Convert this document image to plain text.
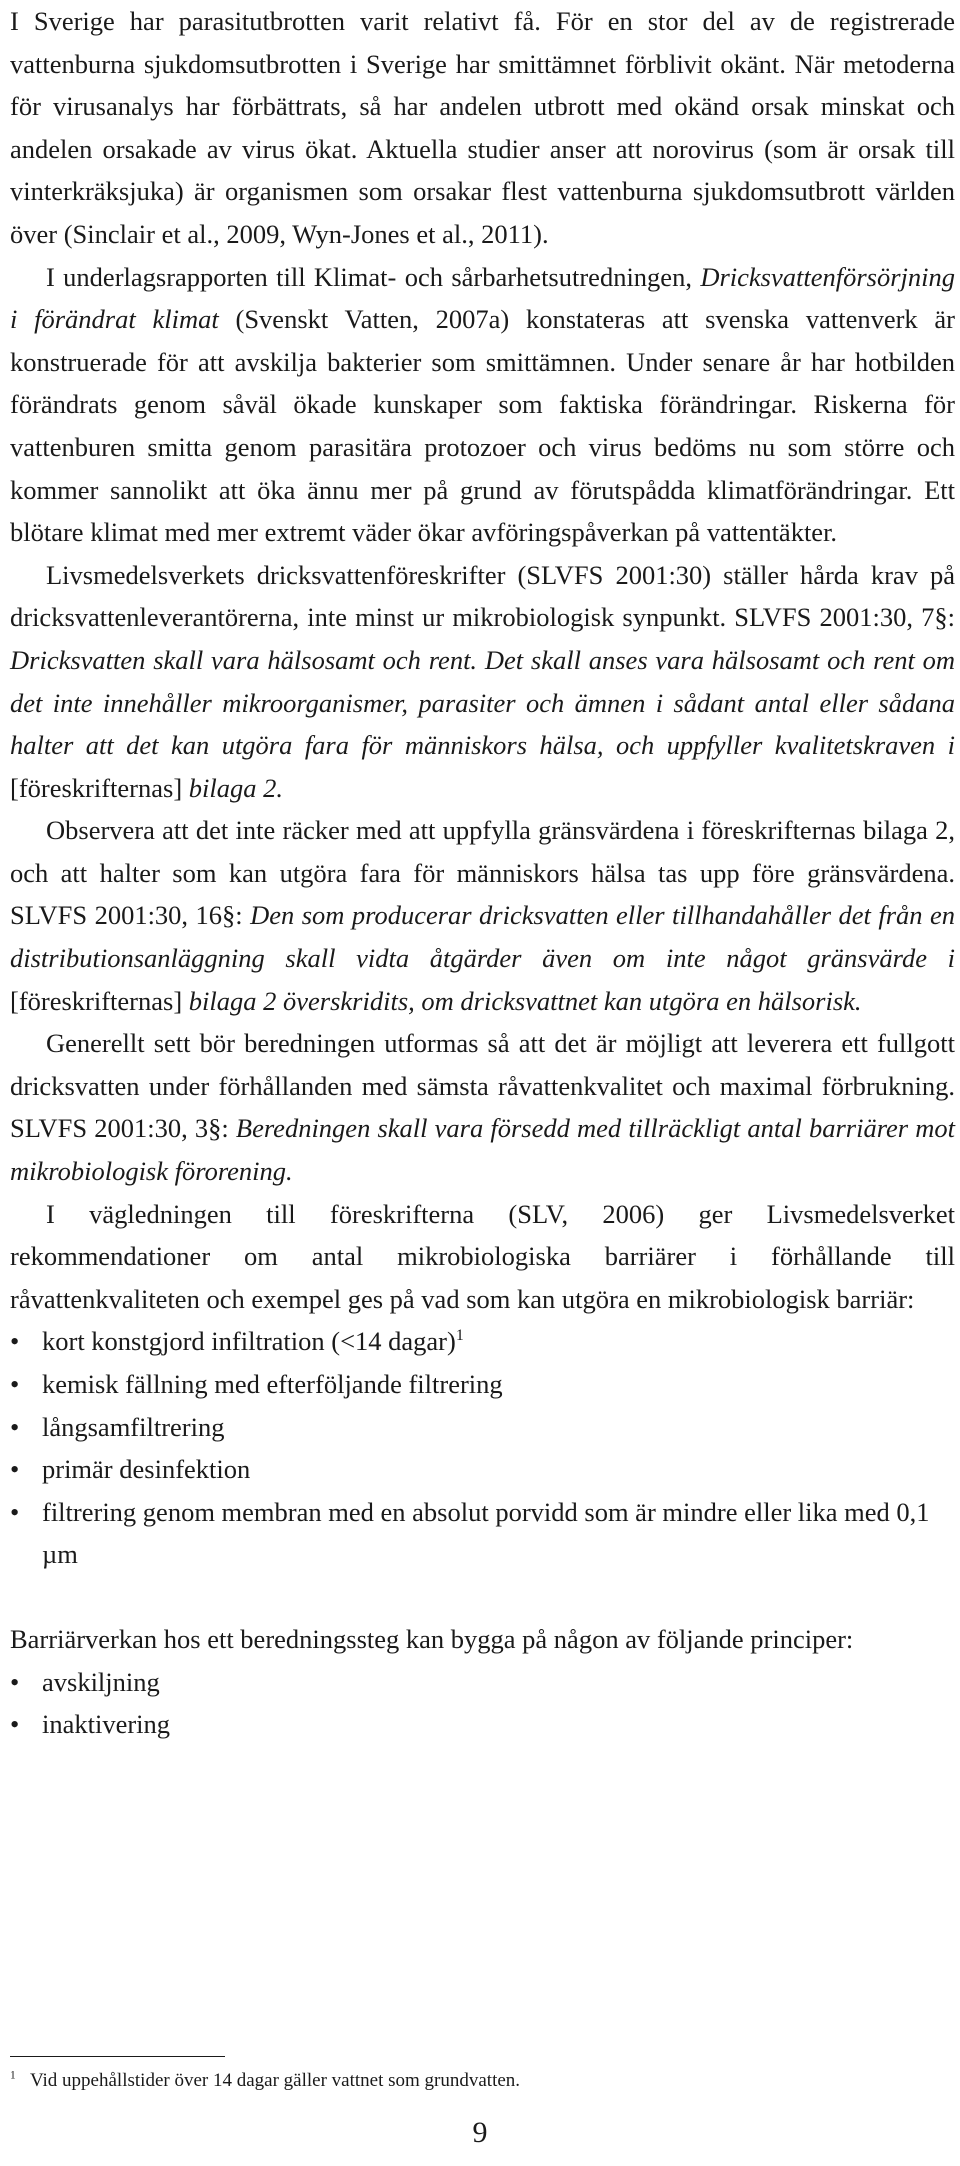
I Sverige har parasitutbrotten varit relativt få. För en stor del av de registrerade vattenburna sjukdomsutbrotten i Sverige har smittämnet förblivit okänt. När metoderna för virusanalys har förbättrats, så har andelen utbrott med okänd orsak minskat och andelen orsakade av virus ökat. Aktuella studier anser att norovirus (som är orsak till vinterkräksjuka) är organismen som orsakar flest vattenburna sjukdomsutbrott världen över (Sinclair et al., 2009, Wyn-Jones et al., 2011).

I underlagsrapporten till Klimat- och sårbarhetsutredningen, Dricksvattenförsörjning i förändrat klimat (Svenskt Vatten, 2007a) konstateras att svenska vattenverk är konstruerade för att avskilja bakterier som smittämnen. Under senare år har hotbilden förändrats genom såväl ökade kunskaper som faktiska förändringar. Riskerna för vattenburen smitta genom parasitära protozoer och virus bedöms nu som större och kommer sannolikt att öka ännu mer på grund av förutspådda klimatförändringar. Ett blötare klimat med mer extremt väder ökar avföringspåverkan på vattentäkter.

Livsmedelsverkets dricksvattenföreskrifter (SLVFS 2001:30) ställer hårda krav på dricksvattenleverantörerna, inte minst ur mikrobiologisk synpunkt. SLVFS 2001:30, 7§: Dricksvatten skall vara hälsosamt och rent. Det skall anses vara hälsosamt och rent om det inte innehåller mikroorganismer, parasiter och ämnen i sådant antal eller sådana halter att det kan utgöra fara för människors hälsa, och uppfyller kvalitetskraven i [föreskrifternas] bilaga 2.

Observera att det inte räcker med att uppfylla gränsvärdena i föreskrifternas bilaga 2, och att halter som kan utgöra fara för människors hälsa tas upp före gränsvärdena. SLVFS 2001:30, 16§: Den som producerar dricksvatten eller tillhandahåller det från en distributionsanläggning skall vidta åtgärder även om inte något gränsvärde i [föreskrifternas] bilaga 2 överskridits, om dricksvattnet kan utgöra en hälsorisk.

Generellt sett bör beredningen utformas så att det är möjligt att leverera ett fullgott dricksvatten under förhållanden med sämsta råvattenkvalitet och maximal förbrukning. SLVFS 2001:30, 3§: Beredningen skall vara försedd med tillräckligt antal barriärer mot mikrobiologisk förorening.

I vägledningen till föreskrifterna (SLV, 2006) ger Livsmedelsverket rekommendationer om antal mikrobiologiska barriärer i förhållande till råvattenkvaliteten och exempel ges på vad som kan utgöra en mikrobiologisk barriär:

• kort konstgjord infiltration (<14 dagar)$^1$
• kemisk fällning med efterföljande filtrering
• långsamfiltrering
• primär desinfektion
• filtrering genom membran med en absolut porvidd som är mindre eller lika med 0,1 µm

Barriärverkan hos ett beredningssteg kan bygga på någon av följande principer:

• avskiljning
• inaktivering
$^1$ Vid uppehållstider över 14 dagar gäller vattnet som grundvatten.
9
